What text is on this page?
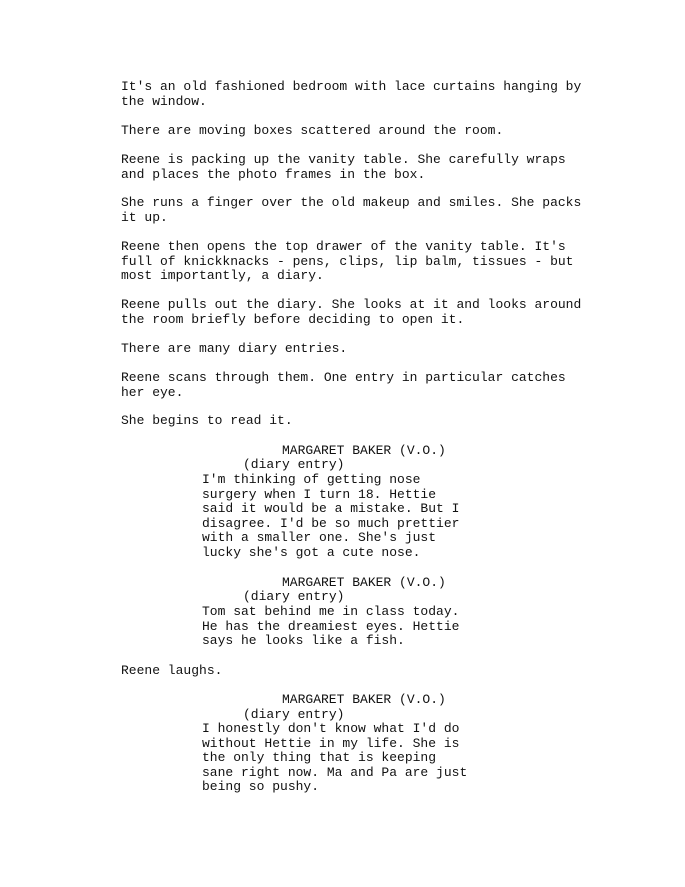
It's an old fashioned bedroom with lace curtains hanging by
the window.
There are moving boxes scattered around the room.
Reene is packing up the vanity table. She carefully wraps
and places the photo frames in the box.
She runs a finger over the old makeup and smiles. She packs
it up.
Reene then opens the top drawer of the vanity table. It's
full of knickknacks - pens, clips, lip balm, tissues - but
most importantly, a diary.
Reene pulls out the diary. She looks at it and looks around
the room briefly before deciding to open it.
There are many diary entries.
Reene scans through them. One entry in particular catches
her eye.
She begins to read it.
MARGARET BAKER (V.O.)
(diary entry)
I'm thinking of getting nose
surgery when I turn 18. Hettie
said it would be a mistake. But I
disagree. I'd be so much prettier
with a smaller one. She's just
lucky she's got a cute nose.
MARGARET BAKER (V.O.)
(diary entry)
Tom sat behind me in class today.
He has the dreamiest eyes. Hettie
says he looks like a fish.
Reene laughs.
MARGARET BAKER (V.O.)
(diary entry)
I honestly don't know what I'd do
without Hettie in my life. She is
the only thing that is keeping
sane right now. Ma and Pa are just
being so pushy.
